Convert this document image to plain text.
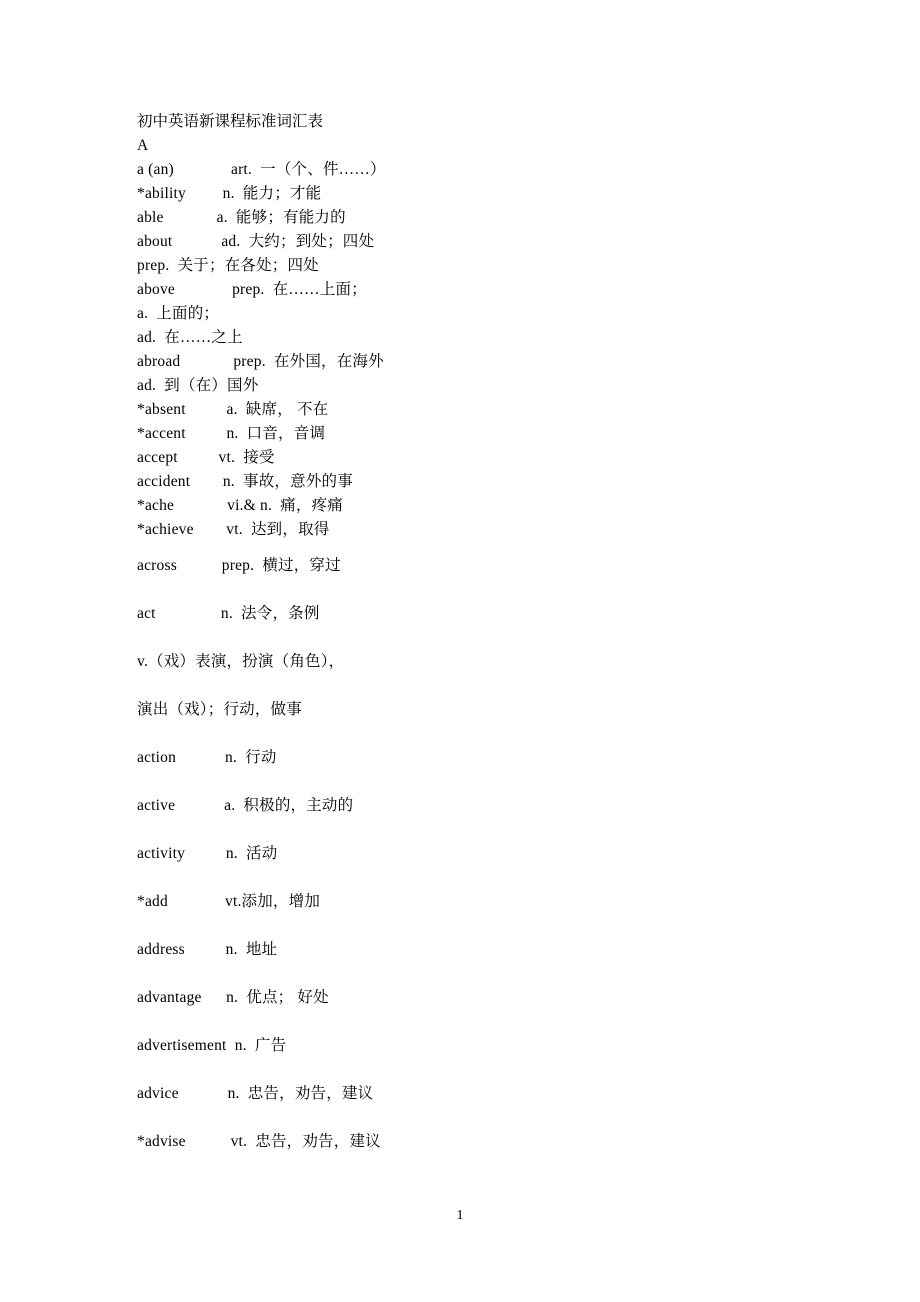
初中英语新课程标准词汇表
A
a (an)	art.  一（个、件……）
*ability n.  能力；才能
able	a.  能够；有能力的
about	ad.  大约；到处；四处
prep.  关于；在各处；四处
above	prep.  在……上面；
a.  上面的；
ad.  在……之上
abroad	prep.  在外国，在海外
ad.  到（在）国外
*absent	a.  缺席， 不在
*accent	n.  口音，音调
accept	vt.  接受
accident n.  事故，意外的事
*ache	vi.& n.  痛，疼痛
*achieve vt.  达到，取得
across	prep.  横过，穿过
act	n.  法令，条例
v.（戏）表演，扮演（角色），
演出（戏）；行动，做事
action	n.  行动
active	a.  积极的，主动的
activity	n.  活动
*add	vt.添加，增加
address	n.  地址
advantage n.  优点； 好处
advertisement n.  广告
advice	n.  忠告，劝告，建议
*advise	vt.  忠告，劝告，建议
1
